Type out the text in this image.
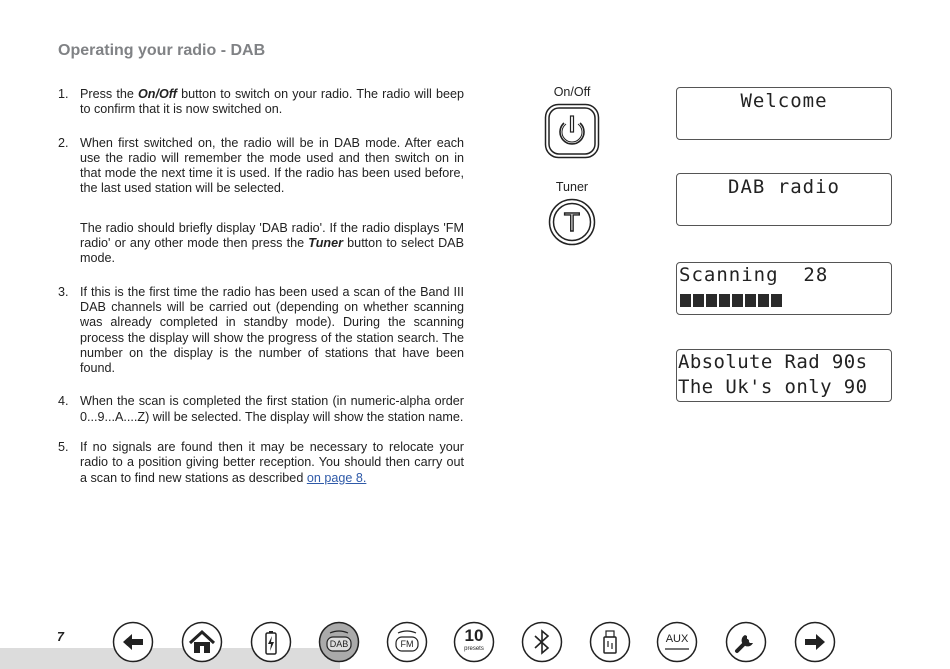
Operating your radio - DAB
1. Press the On/Off button to switch on your radio. The radio will beep to confirm that it is now switched on.

2. When first switched on, the radio will be in DAB mode. After each use the radio will remember the mode used and then switch on in that mode the next time it is used. If the radio has been used before, the last used station will be selected.

The radio should briefly display 'DAB radio'. If the radio displays 'FM radio' or any other mode then press the Tuner button to select DAB mode.

3. If this is the first time the radio has been used a scan of the Band III DAB channels will be carried out (depending on whether scanning was already completed in standby mode). During the scanning process the display will show the progress of the station search. The number on the display is the number of stations that have been found.

4. When the scan is completed the first station (in numeric-alpha order 0...9...A....Z) will be selected. The display will show the station name.

5. If no signals are found then it may be necessary to relocate your radio to a position giving better reception. You should then carry out a scan to find new stations as described on page 8.

On/Off
Tuner
T
Welcome
DAB radio
Scanning  28
Absolute Rad 90s
The Uk's only 90
7	DAB	FM	10
presets
AUX
